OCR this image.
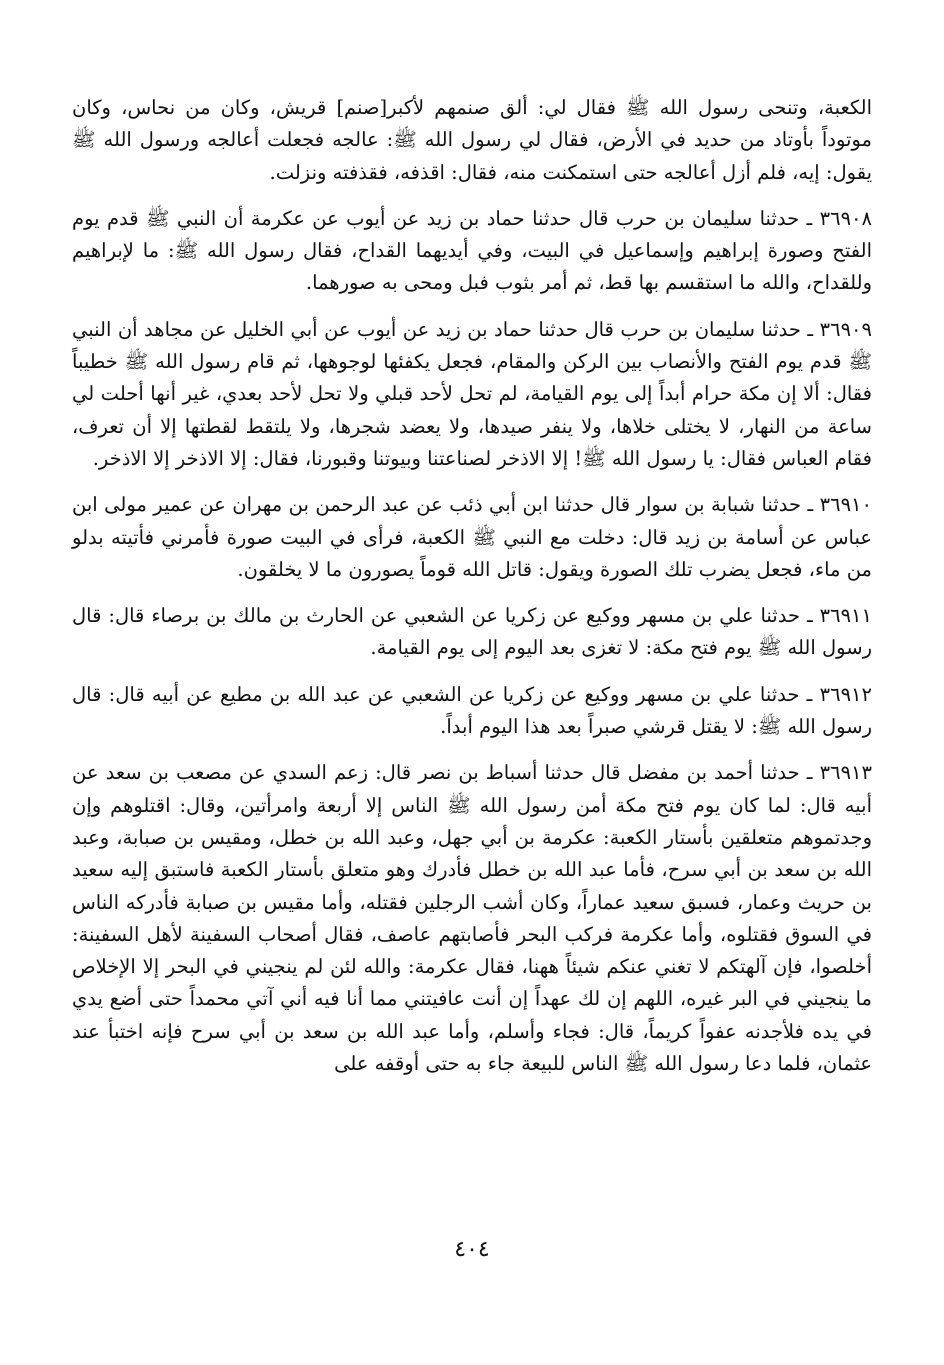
الكعبة، وتنحى رسول الله ﷺ فقال لي: ألق صنمهم لأكبر[صنم] قريش، وكان من نحاس، وكان موتوداً بأوتاد من حديد في الأرض، فقال لي رسول الله ﷺ: عالجه فجعلت أعالجه ورسول الله ﷺ يقول: إيه، فلم أزل أعالجه حتى استمكنت منه، فقال: اقذفه، فقذفته ونزلت.

٣٦٩٠٨ ـ حدثنا سليمان بن حرب قال حدثنا حماد بن زيد عن أيوب عن عكرمة أن النبي ﷺ قدم يوم الفتح وصورة إبراهيم وإسماعيل في البيت، وفي أيديهما القداح، فقال رسول الله ﷺ: ما لإبراهيم وللقداح، والله ما استقسم بها قط، ثم أمر بثوب فبل ومحى به صورهما.

٣٦٩٠٩ ـ حدثنا سليمان بن حرب قال حدثنا حماد بن زيد عن أيوب عن أبي الخليل عن مجاهد أن النبي ﷺ قدم يوم الفتح والأنصاب بين الركن والمقام، فجعل يكفئها لوجوهها، ثم قام رسول الله ﷺ خطيباً فقال: ألا إن مكة حرام أبداً إلى يوم القيامة، لم تحل لأحد قبلي ولا تحل لأحد بعدي، غير أنها أحلت لي ساعة من النهار، لا يختلى خلاها، ولا ينفر صيدها، ولا يعضد شجرها، ولا يلتقط لقطتها إلا أن تعرف، فقام العباس فقال: يا رسول الله ﷺ! إلا الاذخر لصناعتنا وبيوتنا وقبورنا، فقال: إلا الاذخر إلا الاذخر.

٣٦٩١٠ ـ حدثنا شبابة بن سوار قال حدثنا ابن أبي ذئب عن عبد الرحمن بن مهران عن عمير مولى ابن عباس عن أسامة بن زيد قال: دخلت مع النبي ﷺ الكعبة، فرأى في البيت صورة فأمرني فأتيته بدلو من ماء، فجعل يضرب تلك الصورة ويقول: قاتل الله قوماً يصورون ما لا يخلقون.

٣٦٩١١ ـ حدثنا علي بن مسهر ووكيع عن زكريا عن الشعبي عن الحارث بن مالك بن برصاء قال: قال رسول الله ﷺ يوم فتح مكة: لا تغزى بعد اليوم إلى يوم القيامة.

٣٦٩١٢ ـ حدثنا علي بن مسهر ووكيع عن زكريا عن الشعبي عن عبد الله بن مطيع عن أبيه قال: قال رسول الله ﷺ: لا يقتل قرشي صبراً بعد هذا اليوم أبداً.

٣٦٩١٣ ـ حدثنا أحمد بن مفضل قال حدثنا أسباط بن نصر قال: زعم السدي عن مصعب بن سعد عن أبيه قال: لما كان يوم فتح مكة أمن رسول الله ﷺ الناس إلا أربعة وامرأتين، وقال: اقتلوهم وإن وجدتموهم متعلقين بأستار الكعبة: عكرمة بن أبي جهل، وعبد الله بن خطل، ومقيس بن صبابة، وعبد الله بن سعد بن أبي سرح، فأما عبد الله بن خطل فأدرك وهو متعلق بأستار الكعبة فاستبق إليه سعيد بن حريث وعمار، فسبق سعيد عماراً، وكان أشب الرجلين فقتله، وأما مقيس بن صبابة فأدركه الناس في السوق فقتلوه، وأما عكرمة فركب البحر فأصابتهم عاصف، فقال أصحاب السفينة لأهل السفينة: أخلصوا، فإن آلهتكم لا تغني عنكم شيئاً ههنا، فقال عكرمة: والله لئن لم ينجيني في البحر إلا الإخلاص ما ينجيني في البر غيره، اللهم إن لك عهداً إن أنت عافيتني مما أنا فيه أني آتي محمداً حتى أضع يدي في يده فلأجدنه عفواً كريماً، قال: فجاء وأسلم، وأما عبد الله بن سعد بن أبي سرح فإنه اختبأ عند عثمان، فلما دعا رسول الله ﷺ الناس للبيعة جاء به حتى أوقفه على

٤٠٤
